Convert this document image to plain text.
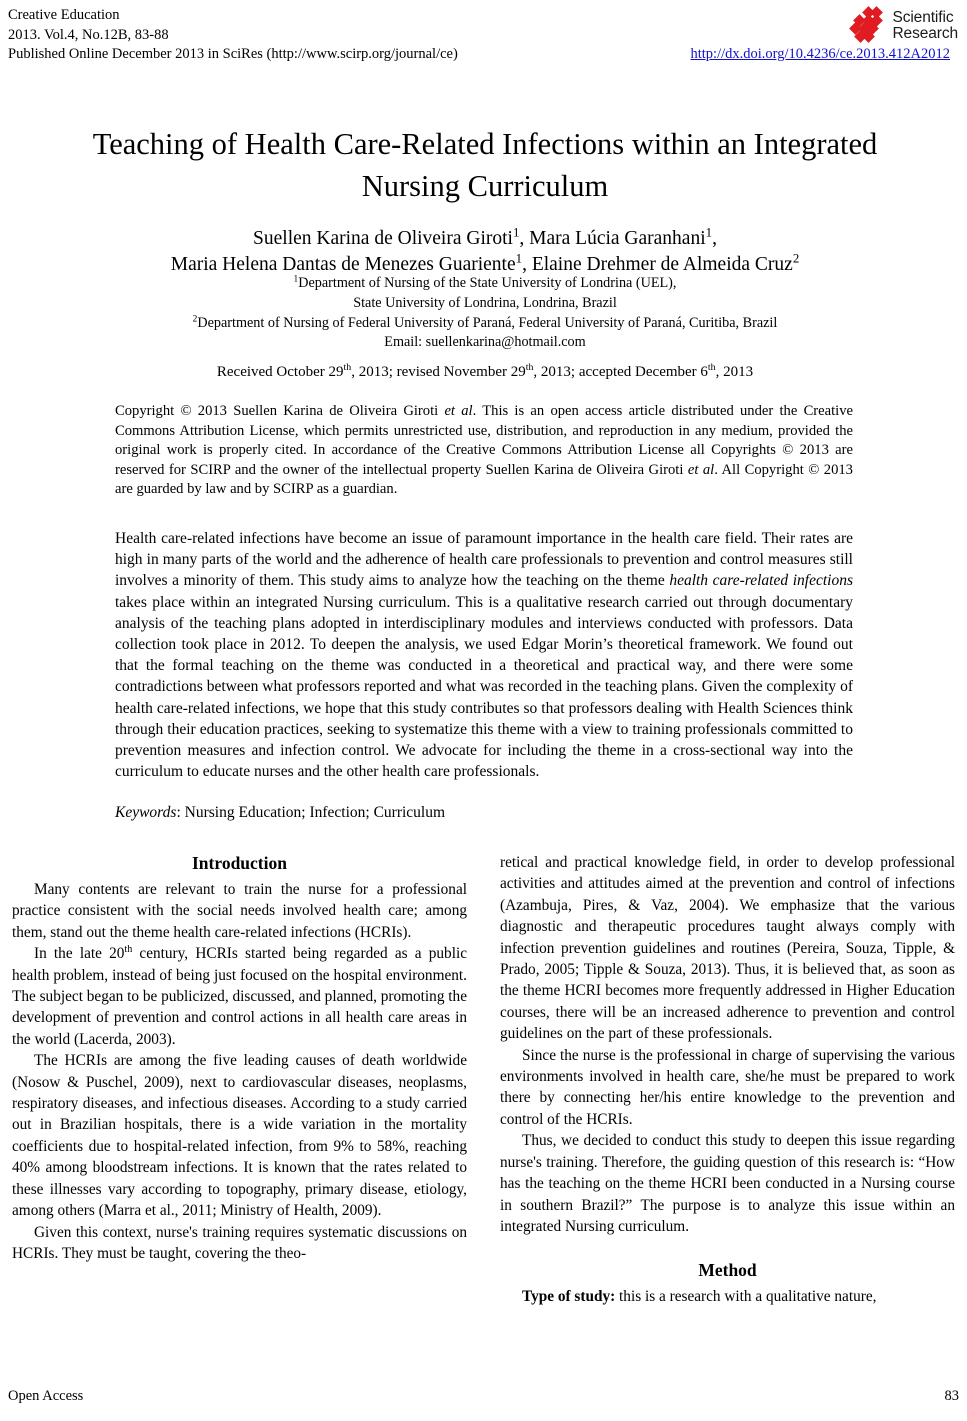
Creative Education
2013. Vol.4, No.12B, 83-88
Published Online December 2013 in SciRes (http://www.scirp.org/journal/ce)
Scientific
Research
http://dx.doi.org/10.4236/ce.2013.412A2012
Teaching of Health Care-Related Infections within an Integrated Nursing Curriculum
Suellen Karina de Oliveira Giroti$^1$, Mara Lúcia Garanhani$^1$,
Maria Helena Dantas de Menezes Guariente$^1$, Elaine Drehmer de Almeida Cruz$^2$
$^1$Department of Nursing of the State University of Londrina (UEL),
State University of Londrina, Londrina, Brazil
$^2$Department of Nursing of Federal University of Paraná, Federal University of Paraná, Curitiba, Brazil
Email: suellenkarina@hotmail.com
Received October 29th, 2013; revised November 29th, 2013; accepted December 6th, 2013
Copyright © 2013 Suellen Karina de Oliveira Giroti et al. This is an open access article distributed under the Creative Commons Attribution License, which permits unrestricted use, distribution, and reproduction in any medium, provided the original work is properly cited. In accordance of the Creative Commons Attribution License all Copyrights © 2013 are reserved for SCIRP and the owner of the intellectual property Suellen Karina de Oliveira Giroti et al. All Copyright © 2013 are guarded by law and by SCIRP as a guardian.
Health care-related infections have become an issue of paramount importance in the health care field. Their rates are high in many parts of the world and the adherence of health care professionals to prevention and control measures still involves a minority of them. This study aims to analyze how the teaching on the theme health care-related infections takes place within an integrated Nursing curriculum. This is a qualitative research carried out through documentary analysis of the teaching plans adopted in interdisciplinary modules and interviews conducted with professors. Data collection took place in 2012. To deepen the analysis, we used Edgar Morin’s theoretical framework. We found out that the formal teaching on the theme was conducted in a theoretical and practical way, and there were some contradictions between what professors reported and what was recorded in the teaching plans. Given the complexity of health care-related infections, we hope that this study contributes so that professors dealing with Health Sciences think through their education practices, seeking to systematize this theme with a view to training professionals committed to prevention measures and infection control. We advocate for including the theme in a cross-sectional way into the curriculum to educate nurses and the other health care professionals.
Keywords: Nursing Education; Infection; Curriculum
Introduction

Many contents are relevant to train the nurse for a professional practice consistent with the social needs involved health care; among them, stand out the theme health care-related infections (HCRIs).

In the late 20th century, HCRIs started being regarded as a public health problem, instead of being just focused on the hospital environment. The subject began to be publicized, discussed, and planned, promoting the development of prevention and control actions in all health care areas in the world (Lacerda, 2003).

The HCRIs are among the five leading causes of death worldwide (Nosow & Puschel, 2009), next to cardiovascular diseases, neoplasms, respiratory diseases, and infectious diseases. According to a study carried out in Brazilian hospitals, there is a wide variation in the mortality coefficients due to hospital-related infection, from 9% to 58%, reaching 40% among bloodstream infections. It is known that the rates related to these illnesses vary according to topography, primary disease, etiology, among others (Marra et al., 2011; Ministry of Health, 2009).

Given this context, nurse's training requires systematic discussions on HCRIs. They must be taught, covering the theo-

retical and practical knowledge field, in order to develop professional activities and attitudes aimed at the prevention and control of infections (Azambuja, Pires, & Vaz, 2004). We emphasize that the various diagnostic and therapeutic procedures taught always comply with infection prevention guidelines and routines (Pereira, Souza, Tipple, & Prado, 2005; Tipple & Souza, 2013). Thus, it is believed that, as soon as the theme HCRI becomes more frequently addressed in Higher Education courses, there will be an increased adherence to prevention and control guidelines on the part of these professionals.

Since the nurse is the professional in charge of supervising the various environments involved in health care, she/he must be prepared to work there by connecting her/his entire knowledge to the prevention and control of the HCRIs.

Thus, we decided to conduct this study to deepen this issue regarding nurse's training. Therefore, the guiding question of this research is: “How has the teaching on the theme HCRI been conducted in a Nursing course in southern Brazil?” The purpose is to analyze this issue within an integrated Nursing curriculum.

Method

Type of study: this is a research with a qualitative nature,

Open Access	83
